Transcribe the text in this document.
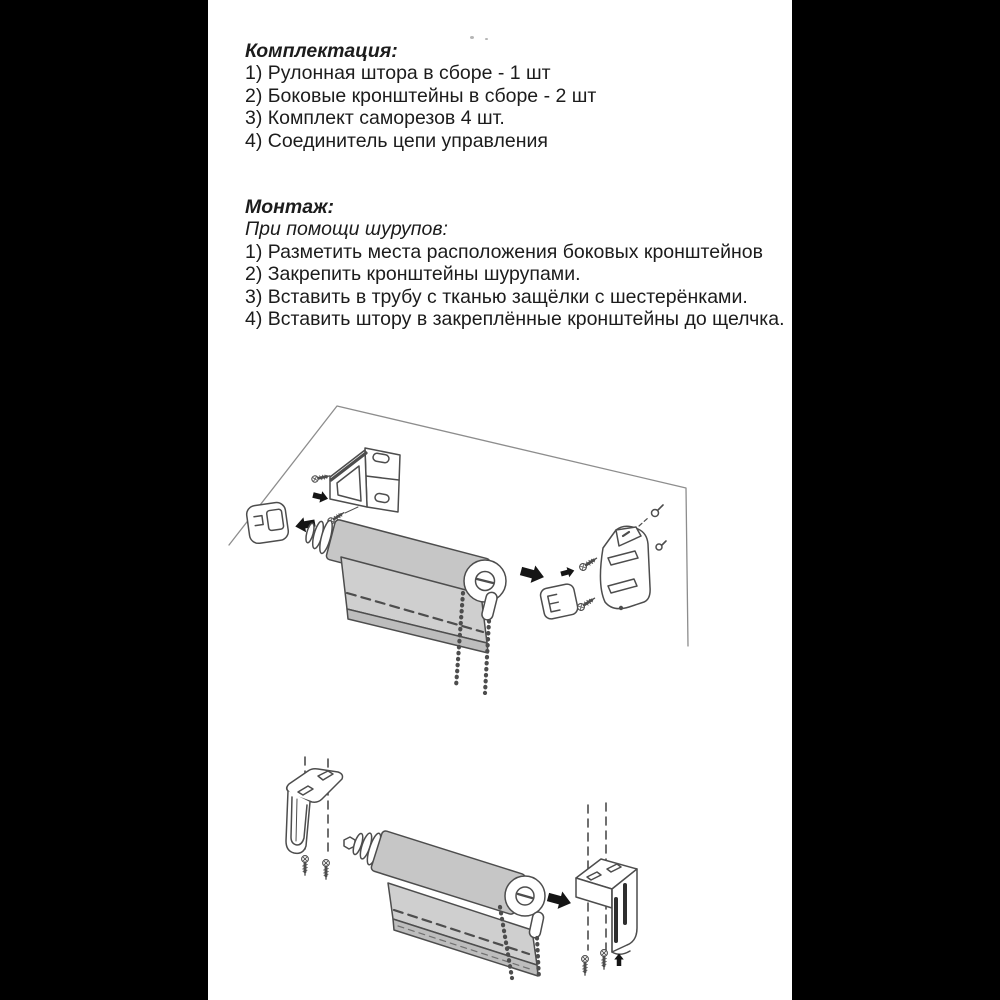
Комплектация:
1) Рулонная штора в сборе - 1 шт
2) Боковые кронштейны в сборе - 2 шт
3) Комплект саморезов 4 шт.
4) Соединитель цепи управления
Монтаж:
При помощи шурупов:
1) Разметить места расположения боковых кронштейнов
2) Закрепить кронштейны шурупами.
3) Вставить в трубу с тканью защёлки с шестерёнками.
4) Вставить штору в закреплённые кронштейны до щелчка.
